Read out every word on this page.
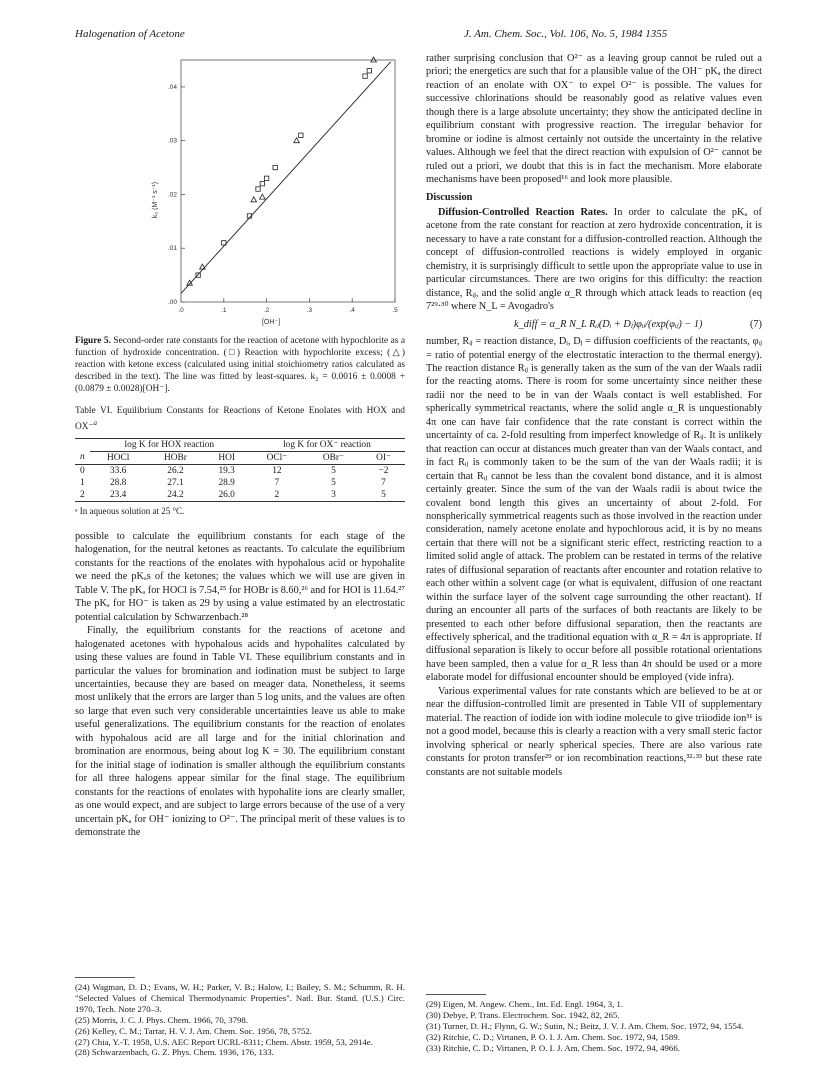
Halogenation of Acetone	J. Am. Chem. Soc., Vol. 106, No. 5, 1984 1355
.0	.1	.2	.3	.4	.5
.00
.01
.02
.03
.04
k₂ (M⁻¹ s⁻¹)
[OH⁻]
Figure 5. Second-order rate constants for the reaction of acetone with hypochlorite as a function of hydroxide concentration. (□) Reaction with hypochlorite excess; (△) reaction with ketone excess (calculated using initial stoichiometry ratios calculated as described in the text). The line was fitted by least-squares. k₂ = 0.0016 ± 0.0008 + (0.0879 ± 0.0028)[OH⁻].
Table VI. Equilibrium Constants for Reactions of Ketone Enolates with HOX and OX⁻$^a$
	log K for HOX reaction			log K for OX⁻ reaction		
n	HOCl	HOBr	HOI	OCl⁻	OBr⁻	OI⁻
0	33.6	26.2	19.3	12	5	−2
1	28.8	27.1	28.9	7	5	7
2	23.4	24.2	26.0	2	3	5
ᵃ In aqueous solution at 25 °C.

possible to calculate the equilibrium constants for each stage of the halogenation, for the neutral ketones as reactants. To calculate the equilibrium constants for the reactions of the enolates with hypohalous acid or hypohalite we need the pKₐs of the ketones; the values which we will use are given in Table V. The pKₐ for HOCl is 7.54,²⁵ for HOBr is 8.60,²⁶ and for HOI is 11.64.²⁷ The pKₐ for HO⁻ is taken as 29 by using a value estimated by an electrostatic potential calculation by Schwarzenbach.²⁸

Finally, the equilibrium constants for the reactions of acetone and halogenated acetones with hypohalous acids and hypohalites calculated by using these values are found in Table VI. These equilibrium constants and in particular the values for bromination and iodination must be subject to large uncertainties, because they are based on meager data. Nonetheless, it seems most unlikely that the errors are larger than 5 log units, and the values are often so large that even such very considerable uncertainties leave us able to make useful generalizations. The equilibrium constants for the reaction of enolates with hypohalous acid are all large and for the initial chlorination and bromination are enormous, being about log K = 30. The equilibrium constant for the initial stage of iodination is smaller although the equilibrium constants for all three halogens appear similar for the final stage. The equilibrium constants for the reactions of enolates with hypohalite ions are clearly smaller, as one would expect, and are subject to large errors because of the use of a very uncertain pKₐ for OH⁻ ionizing to O²⁻. The principal merit of these values is to demonstrate the

(24) Wagman, D. D.; Evans, W. H.; Parker, V. B.; Halow, I.; Bailey, S. M.; Schumm, R. H. "Selected Values of Chemical Thermodynamic Properties". Natl. Bur. Stand. (U.S.) Circ. 1970, Tech. Note 270–3.
(25) Morris, J. C. J. Phys. Chem. 1966, 70, 3798.
(26) Kelley, C. M.; Tartar, H. V. J. Am. Chem. Soc. 1956, 78, 5752.
(27) Chia, Y.-T. 1958, U.S. AEC Report UCRL-8311; Chem. Abstr. 1959, 53, 2914e.
(28) Schwarzenbach, G. Z. Phys. Chem. 1936, 176, 133.

rather surprising conclusion that O²⁻ as a leaving group cannot be ruled out a priori; the energetics are such that for a plausible value of the OH⁻ pKₐ the direct reaction of an enolate with OX⁻ to expel O²⁻ is possible. The values for successive chlorinations should be reasonably good as relative values even though there is a large absolute uncertainty; they show the anticipated decline in equilibrium constant with progressive reaction. The irregular behavior for bromine or iodine is almost certainly not outside the uncertainty in the relative values. Although we feel that the direct reaction with expulsion of O²⁻ cannot be ruled out a priori, we doubt that this is in fact the mechanism. More elaborate mechanisms have been proposed¹⁶ and look more plausible.

Discussion

Diffusion-Controlled Reaction Rates. In order to calculate the pKₐ of acetone from the rate constant for reaction at zero hydroxide concentration, it is necessary to have a rate constant for a diffusion-controlled reaction. Although the concept of diffusion-controlled reactions is widely employed in organic chemistry, it is surprisingly difficult to settle upon the appropriate value to use in particular circumstances. There are two origins for this difficulty: the reaction distance, Rᵢⱼ, and the solid angle α_R through which attack leads to reaction (eq 7²⁹·³⁰ where N_L = Avogadro's

k_diff = α_R N_L Rᵢⱼ(Dᵢ + Dⱼ)φᵢⱼ/(exp(φᵢⱼ) − 1)	(7)

number, Rᵢⱼ = reaction distance, Dᵢ, Dⱼ = diffusion coefficients of the reactants, φᵢⱼ = ratio of potential energy of the electrostatic interaction to the thermal energy). The reaction distance Rᵢⱼ is generally taken as the sum of the van der Waals radii for the reacting atoms. There is room for some uncertainty since neither these radii nor the need to be in van der Waals contact is well established. For spherically symmetrical reactants, where the solid angle α_R is unquestionably 4π one can have fair confidence that the rate constant is correct within the uncertainty of ca. 2-fold resulting from imperfect knowledge of Rᵢⱼ. It is unlikely that reaction can occur at distances much greater than van der Waals contact, and in fact Rᵢⱼ is commonly taken to be the sum of the van der Waals radii; it is certain that Rᵢⱼ cannot be less than the covalent bond distance, and it is almost certainly greater. Since the sum of the van der Waals radii is about twice the covalent bond length this gives an uncertainty of about 2-fold. For nonspherically symmetrical reagents such as those involved in the reaction under consideration, namely acetone enolate and hypochlorous acid, it is by no means certain that there will not be a significant steric effect, restricting reaction to a limited solid angle of attack. The problem can be restated in terms of the relative rates of diffusional separation of reactants after encounter and rotation relative to each other within a solvent cage (or what is equivalent, diffusion of one reactant within the surface layer of the solvent cage surrounding the other reactant). If during an encounter all parts of the surfaces of both reactants are likely to be presented to each other before diffusional separation, then the reactants are effectively spherical, and the traditional equation with α_R = 4π is appropriate. If diffusional separation is likely to occur before all possible rotational orientations have been sampled, then a value for α_R less than 4π should be used or a more elaborate model for diffusional encounter should be employed (vide infra).

Various experimental values for rate constants which are believed to be at or near the diffusion-controlled limit are presented in Table VII of supplementary material. The reaction of iodide ion with iodine molecule to give triiodide ion³¹ is not a good model, because this is clearly a reaction with a very small steric factor involving spherical or nearly spherical species. There are also various rate constants for proton transfer²⁹ or ion recombination reactions,³²·³³ but these rate constants are not suitable models

(29) Eigen, M. Angew. Chem., Int. Ed. Engl. 1964, 3, 1.
(30) Debye, P. Trans. Electrochem. Soc. 1942, 82, 265.
(31) Turner, D. H.; Flynn, G. W.; Sutin, N.; Beitz, J. V. J. Am. Chem. Soc. 1972, 94, 1554.
(32) Ritchie, C. D.; Virtanen, P. O. I. J. Am. Chem. Soc. 1972, 94, 1589.
(33) Ritchie, C. D.; Virtanen, P. O. I. J. Am. Chem. Soc. 1972, 94, 4966.
